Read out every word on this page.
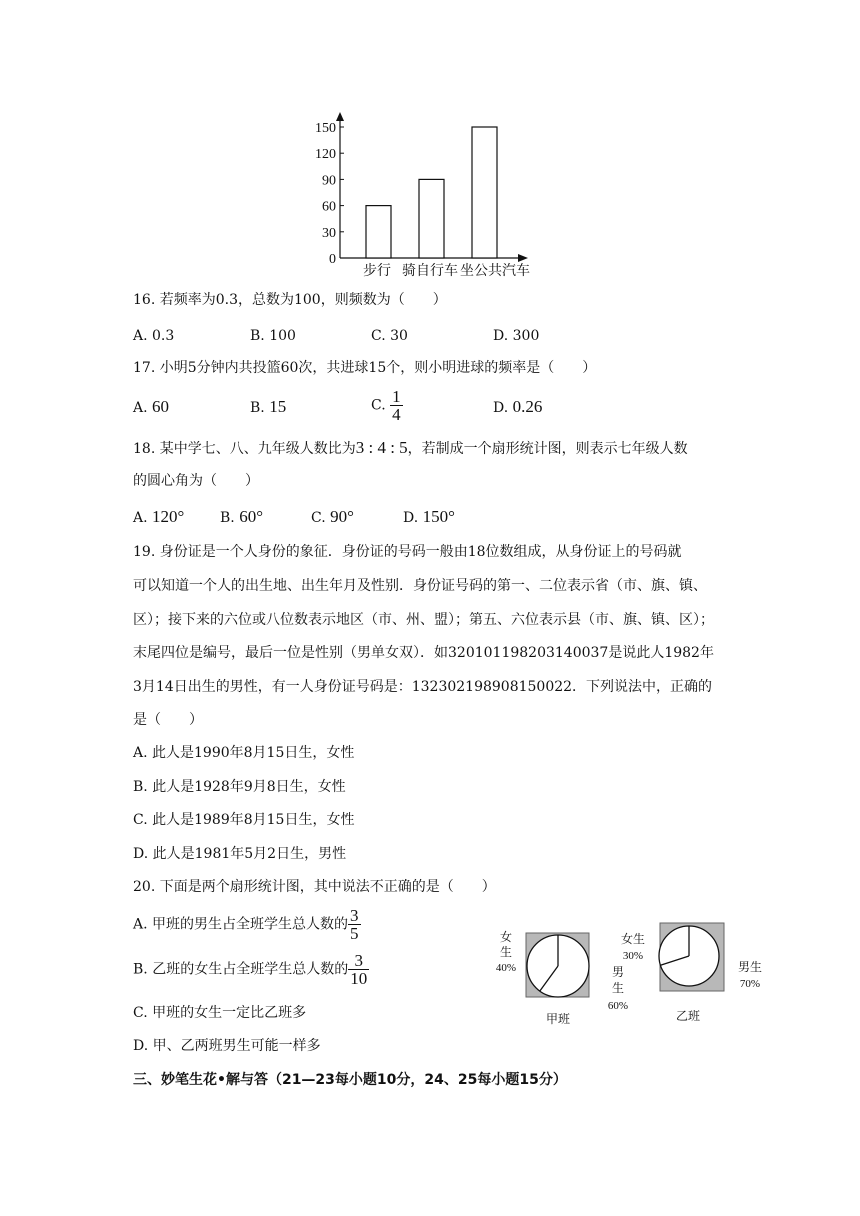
0
30
60
90
120
150
步行 骑自行车 坐公共汽车
16. 若频率为0.3，总数为100，则频数为（　　）
A. 0.3	B. 100	C. 30	D. 300
17. 小明5分钟内共投篮60次，共进球15个，则小明进球的频率是（　　）
A. 60	B. 15	C. $\frac{1}{4}$	D. 0.26
18. 某中学七、八、九年级人数比为3 : 4 : 5，若制成一个扇形统计图，则表示七年级人数
的圆心角为（　　）
A. 120°	B. 60°	C. 90°	D. 150°
19. 身份证是一个人身份的象征．身份证的号码一般由18位数组成，从身份证上的号码就
可以知道一个人的出生地、出生年月及性别．身份证号码的第一、二位表示省（市、旗、镇、
区）；接下来的六位或八位数表示地区（市、州、盟）；第五、六位表示县（市、旗、镇、区）；
末尾四位是编号，最后一位是性别（男单女双）．如320101198203140037是说此人1982年
3月14日出生的男性，有一人身份证号码是：132302198908150022．下列说法中，正确的
是（　　）
A. 此人是1990年8月15日生，女性
B. 此人是1928年9月8日生，女性
C. 此人是1989年8月15日生，女性
D. 此人是1981年5月2日生，男性
20. 下面是两个扇形统计图，其中说法不正确的是（　　）
A. 甲班的男生占全班学生总人数的 $\frac{3}{5}$
B. 乙班的女生占全班学生总人数的 $\frac{3}{10}$
C. 甲班的女生一定比乙班多
D. 甲、乙两班男生可能一样多
女
生
40%	男
生
60%
甲班
女生
30%
男生
70%
乙班
三、妙笔生花•解与答（21—23每小题10分，24、25每小题15分）
